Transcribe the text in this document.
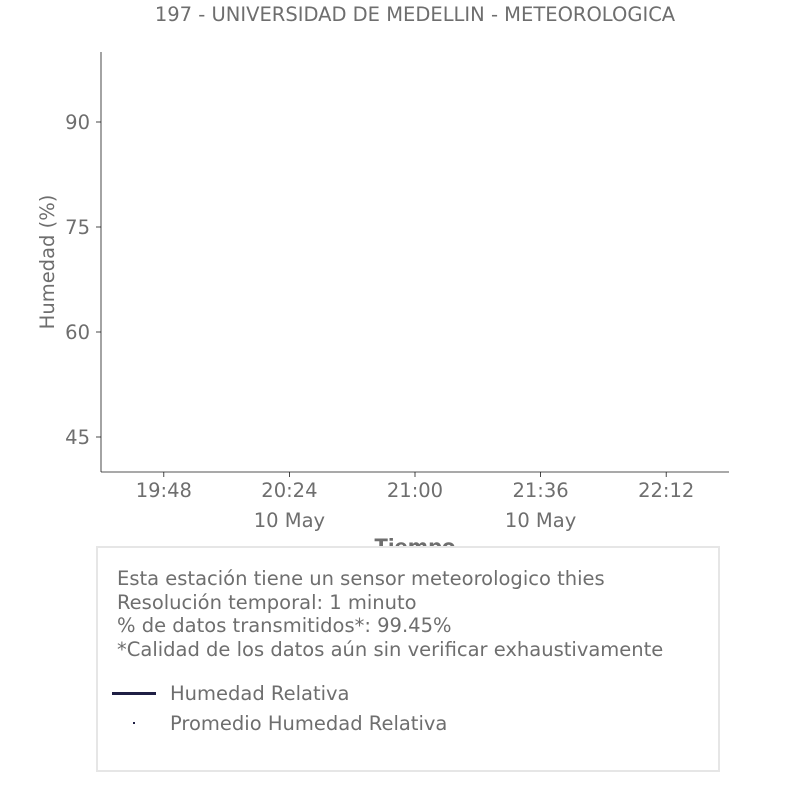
197 - UNIVERSIDAD DE MEDELLIN - METEOROLOGICA
Humedad (%)
45
60
75
90
19:48	20:24
10 May
21:00	21:36
10 May
22:12
Esta estación tiene un sensor meteorologico thies
Resolución temporal: 1 minuto
% de datos transmitidos*: 99.45%
*Calidad de los datos aún sin verificar exhaustivamente
Humedad Relativa
Promedio Humedad Relativa
